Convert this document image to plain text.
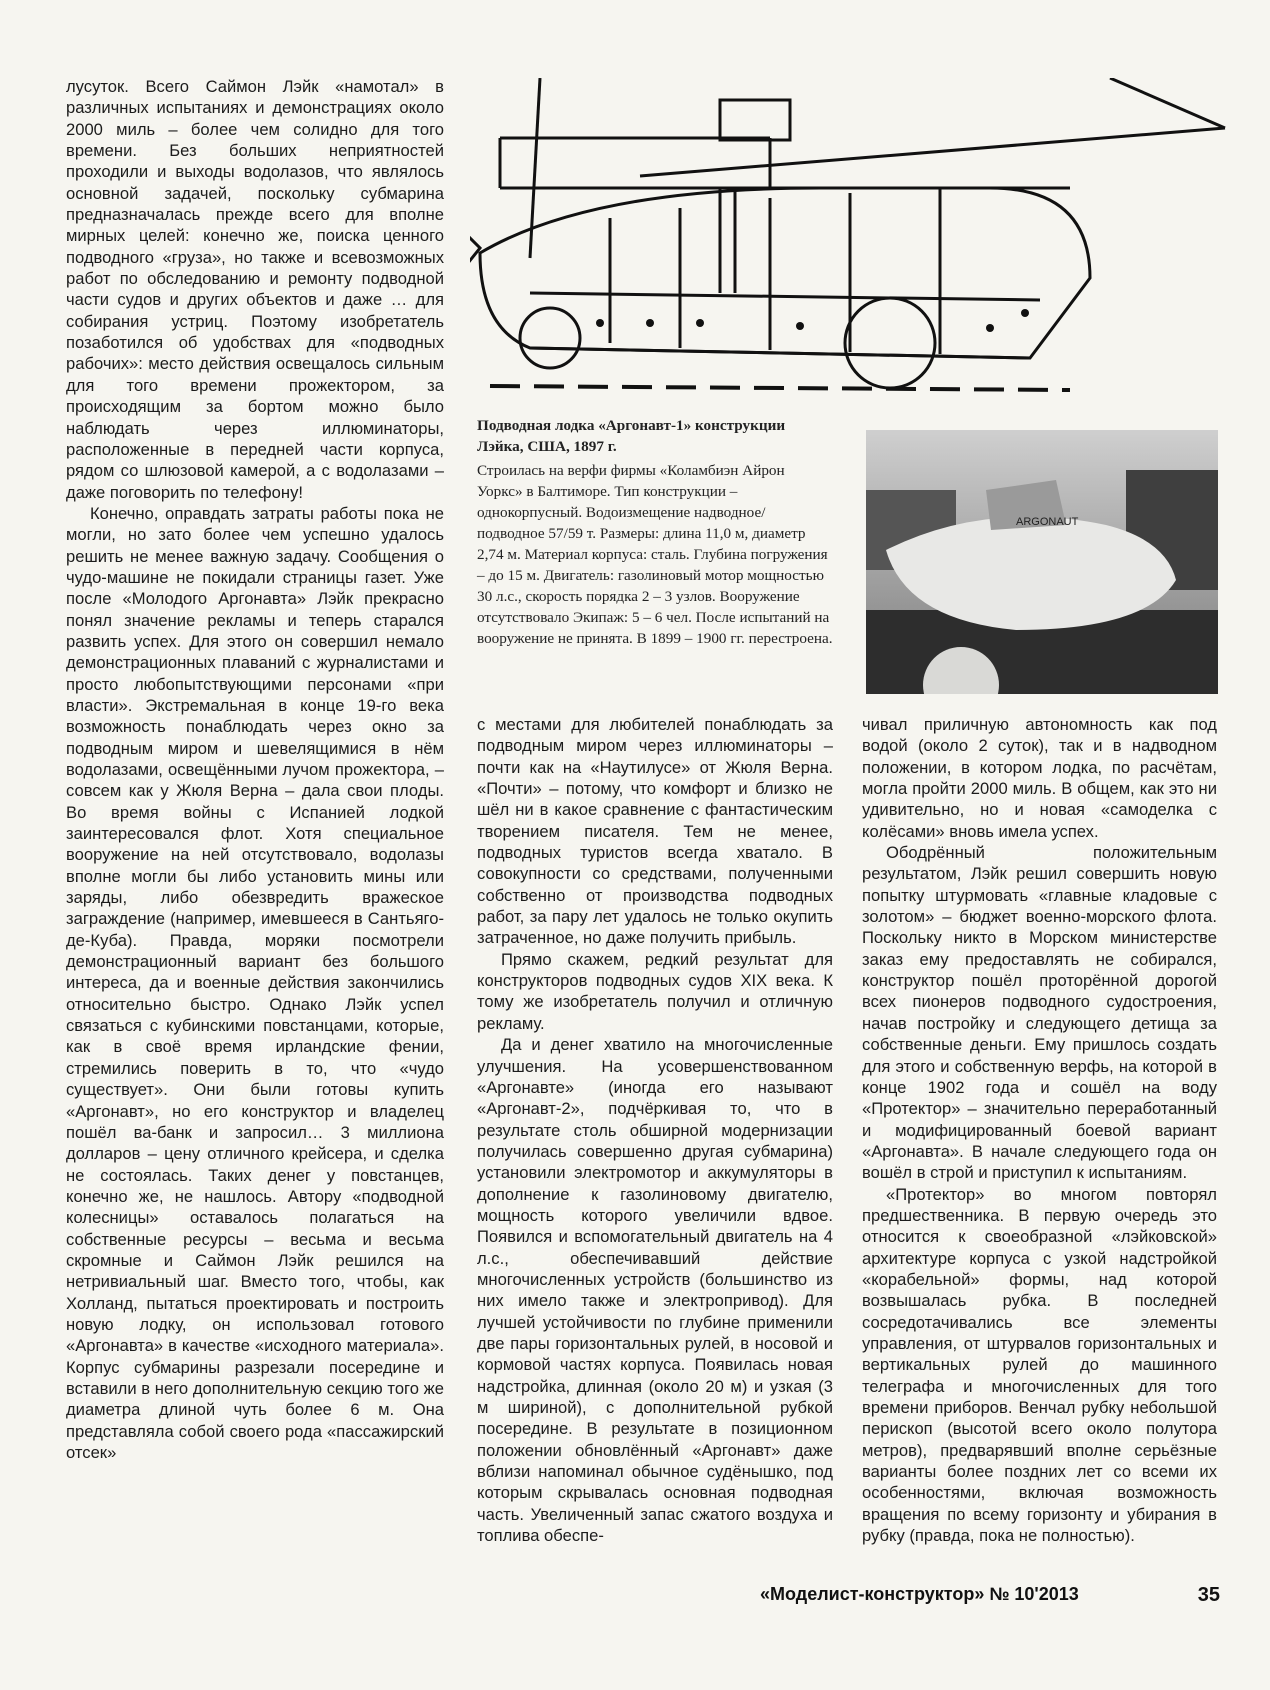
лусуток. Всего Саймон Лэйк «намотал» в различных испытаниях и демонстрациях около 2000 миль – более чем солидно для того времени. Без больших неприятностей проходили и выходы водолазов, что являлось основной задачей, поскольку субмарина предназначалась прежде всего для вполне мирных целей: конечно же, поиска ценного подводного «груза», но также и всевозможных работ по обследованию и ремонту подводной части судов и других объектов и даже … для собирания устриц. Поэтому изобретатель позаботился об удобствах для «подводных рабочих»: место действия освещалось сильным для того времени прожектором, за происходящим за бортом можно было наблюдать через иллюминаторы, расположенные в передней части корпуса, рядом со шлюзовой камерой, а с водолазами – даже поговорить по телефону!

Конечно, оправдать затраты работы пока не могли, но зато более чем успешно удалось решить не менее важную задачу. Сообщения о чудо-машине не покидали страницы газет. Уже после «Молодого Аргонавта» Лэйк прекрасно понял значение рекламы и теперь старался развить успех. Для этого он совершил немало демонстрационных плаваний с журналистами и просто любопытствующими персонами «при власти». Экстремальная в конце 19-го века возможность понаблюдать через окно за подводным миром и шевелящимися в нём водолазами, освещёнными лучом прожектора, – совсем как у Жюля Верна – дала свои плоды. Во время войны с Испанией лодкой заинтересовался флот. Хотя специальное вооружение на ней отсутствовало, водолазы вполне могли бы либо установить мины или заряды, либо обезвредить вражеское заграждение (например, имевшееся в Сантьяго-де-Куба). Правда, моряки посмотрели демонстрационный вариант без большого интереса, да и военные действия закончились относительно быстро. Однако Лэйк успел связаться с кубинскими повстанцами, которые, как в своё время ирландские фении, стремились поверить в то, что «чудо существует». Они были готовы купить «Аргонавт», но его конструктор и владелец пошёл ва-банк и запросил… 3 миллиона долларов – цену отличного крейсера, и сделка не состоялась. Таких денег у повстанцев, конечно же, не нашлось. Автору «подводной колесницы» оставалось полагаться на собственные ресурсы – весьма и весьма скромные и Саймон Лэйк решился на нетривиальный шаг. Вместо того, чтобы, как Холланд, пытаться проектировать и построить новую лодку, он использовал готового «Аргонавта» в качестве «исходного материала». Корпус субмарины разрезали посередине и вставили в него дополнительную секцию того же диаметра длиной чуть более 6 м. Она представляла собой своего рода «пассажирский отсек»

Подводная лодка «Аргонавт-1» конструкции Лэйка, США, 1897 г.

Строилась на верфи фирмы «Коламбиэн Айрон Уоркс» в Балтиморе. Тип конструкции – однокорпусный. Водоизмещение надводное/подводное 57/59 т. Размеры: длина 11,0 м, диаметр 2,74 м. Материал корпуса: сталь. Глубина погружения – до 15 м. Двигатель: газолиновый мотор мощностью 30 л.с., скорость порядка 2 – 3 узлов. Вооружение отсутствовало Экипаж: 5 – 6 чел. После испытаний на вооружение не принята. В 1899 – 1900 гг. перестроена.

ARGONAUT

с местами для любителей понаблюдать за подводным миром через иллюминаторы – почти как на «Наутилусе» от Жюля Верна. «Почти» – потому, что комфорт и близко не шёл ни в какое сравнение с фантастическим творением писателя. Тем не менее, подводных туристов всегда хватало. В совокупности со средствами, полученными собственно от производства подводных работ, за пару лет удалось не только окупить затраченное, но даже получить прибыль.

Прямо скажем, редкий результат для конструкторов подводных судов XIX века. К тому же изобретатель получил и отличную рекламу.

Да и денег хватило на многочисленные улучшения. На усовершенствованном «Аргонавте» (иногда его называют «Аргонавт-2», подчёркивая то, что в результате столь обширной модернизации получилась совершенно другая субмарина) установили электромотор и аккумуляторы в дополнение к газолиновому двигателю, мощность которого увеличили вдвое. Появился и вспомогательный двигатель на 4 л.с., обеспечивавший действие многочисленных устройств (большинство из них имело также и электропривод). Для лучшей устойчивости по глубине применили две пары горизонтальных рулей, в носовой и кормовой частях корпуса. Появилась новая надстройка, длинная (около 20 м) и узкая (3 м шириной), с дополнительной рубкой посередине. В результате в позиционном положении обновлённый «Аргонавт» даже вблизи напоминал обычное судёнышко, под которым скрывалась основная подводная часть. Увеличенный запас сжатого воздуха и топлива обеспе-

чивал приличную автономность как под водой (около 2 суток), так и в надводном положении, в котором лодка, по расчётам, могла пройти 2000 миль. В общем, как это ни удивительно, но и новая «самоделка с колёсами» вновь имела успех.

Ободрённый положительным результатом, Лэйк решил совершить новую попытку штурмовать «главные кладовые с золотом» – бюджет военно-морского флота. Поскольку никто в Морском министерстве заказ ему предоставлять не собирался, конструктор пошёл проторённой дорогой всех пионеров подводного судостроения, начав постройку и следующего детища за собственные деньги. Ему пришлось создать для этого и собственную верфь, на которой в конце 1902 года и сошёл на воду «Протектор» – значительно переработанный и модифицированный боевой вариант «Аргонавта». В начале следующего года он вошёл в строй и приступил к испытаниям.

«Протектор» во многом повторял предшественника. В первую очередь это относится к своеобразной «лэйковской» архитектуре корпуса с узкой надстройкой «корабельной» формы, над которой возвышалась рубка. В последней сосредотачивались все элементы управления, от штурвалов горизонтальных и вертикальных рулей до машинного телеграфа и многочисленных для того времени приборов. Венчал рубку небольшой перископ (высотой всего около полутора метров), предварявший вполне серьёзные варианты более поздних лет со всеми их особенностями, включая возможность вращения по всему горизонту и убирания в рубку (правда, пока не полностью).

«Моделист-конструктор» № 10'2013	35
